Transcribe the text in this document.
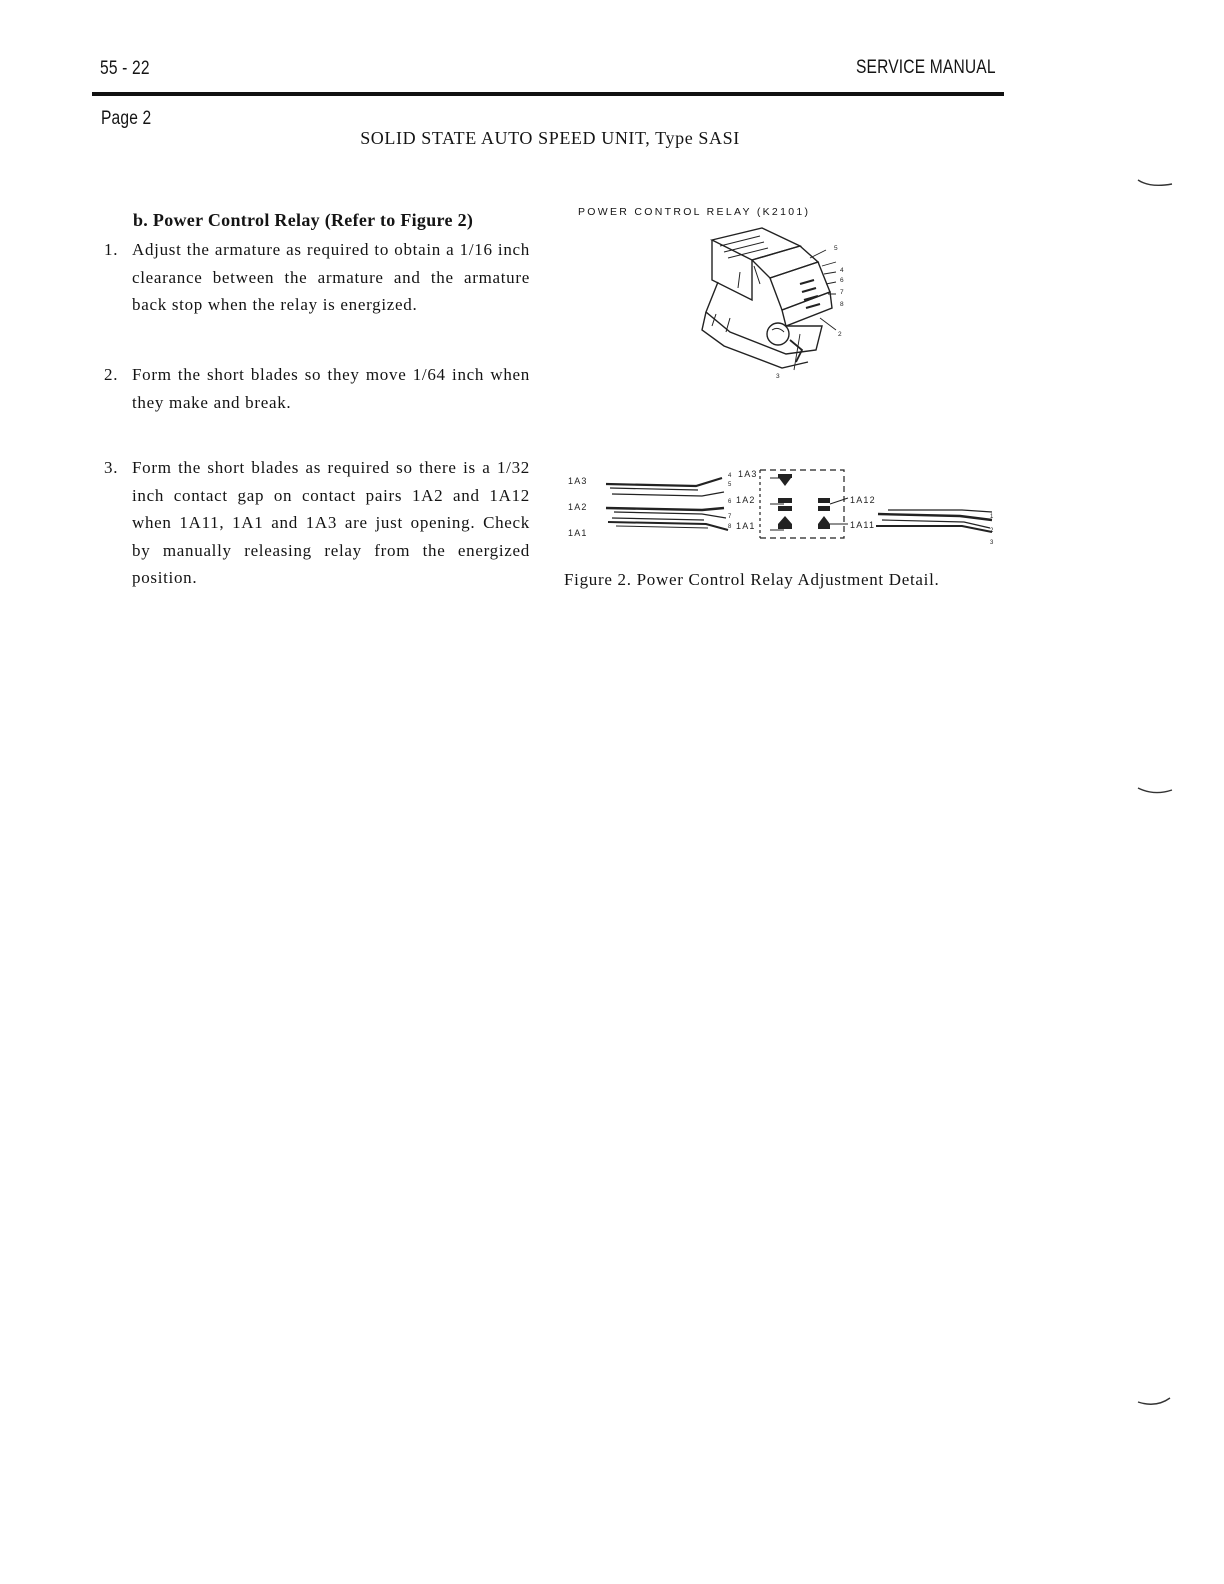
55 - 22	SERVICE MANUAL
Page 2
SOLID STATE AUTO SPEED UNIT, Type SASI
b. Power Control Relay (Refer to Figure 2)
1. Adjust the armature as required to obtain a 1/16 inch clearance between the armature and the armature back stop when the relay is energized.
2. Form the short blades so they move 1/64 inch when they make and break.
3. Form the short blades as required so there is a 1/32 inch contact gap on contact pairs 1A2 and 1A12 when 1A11, 1A1 and 1A3 are just opening. Check by manually releasing relay from the energized position.
POWER CONTROL RELAY (K2101)
5
4
6
7
8
2
3
1A3
1A2
1A1
1A3
1A2
1A1
1A12
1A11
4
5
6
7
8
1
2
3
Figure 2. Power Control Relay Adjustment Detail.
